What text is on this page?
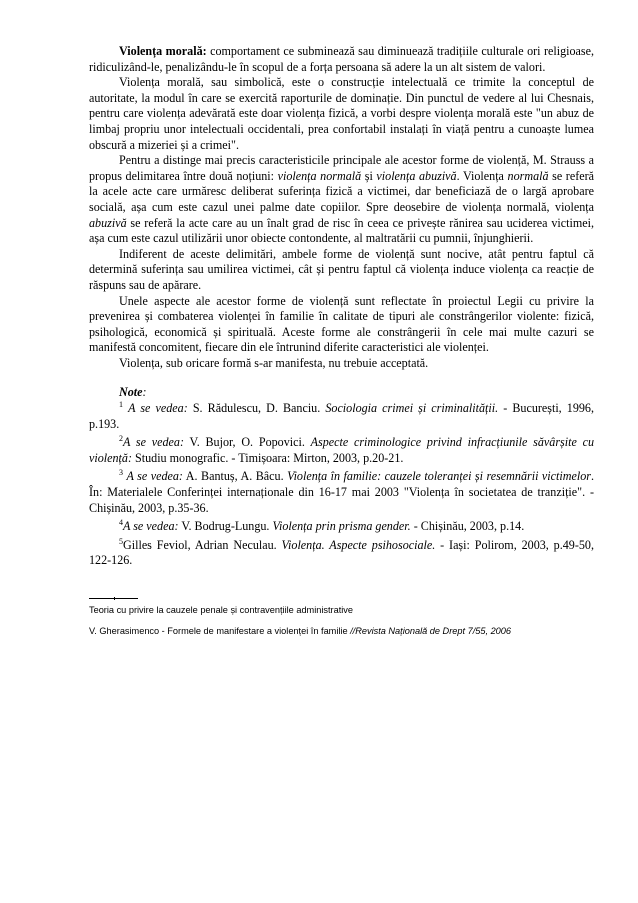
Violența morală: comportament ce subminează sau diminuează tradițiile culturale ori religioase, ridiculizând-le, penalizându-le în scopul de a forța persoana să adere la un alt sistem de valori.

Violența morală, sau simbolică, este o construcție intelectuală ce trimite la conceptul de autoritate, la modul în care se exercită raporturile de dominație. Din punctul de vedere al lui Chesnais, pentru care violența adevărată este doar violența fizică, a vorbi despre violența morală este "un abuz de limbaj propriu unor intelectuali occidentali, prea confortabil instalați în viață pentru a cunoaște lumea obscură a mizeriei și a crimei".

Pentru a distinge mai precis caracteristicile principale ale acestor forme de violență, M. Strauss a propus delimitarea între două noțiuni: violența normală și violența abuzivă. Violența normală se referă la acele acte care urmăresc deliberat suferința fizică a victimei, dar beneficiază de o largă aprobare socială, așa cum este cazul unei palme date copiilor. Spre deosebire de violența normală, violența abuzivă se referă la acte care au un înalt grad de risc în ceea ce privește rănirea sau uciderea victimei, așa cum este cazul utilizării unor obiecte contondente, al maltratării cu pumnii, înjunghierii.

Indiferent de aceste delimitări, ambele forme de violență sunt nocive, atât pentru faptul că determină suferința sau umilirea victimei, cât și pentru faptul că violența induce violența ca reacție de răspuns sau de apărare.

Unele aspecte ale acestor forme de violență sunt reflectate în proiectul Legii cu privire la prevenirea și combaterea violenței în familie în calitate de tipuri ale constrângerilor violente: fizică, psihologică, economică și spirituală. Aceste forme ale constrângerii în cele mai multe cazuri se manifestă concomitent, fiecare din ele întrunind diferite caracteristici ale violenței.

Violența, sub oricare formă s-ar manifesta, nu trebuie acceptată.

Note:

$^1$ A se vedea: S. Rădulescu, D. Banciu. Sociologia crimei și criminalității. - București, 1996, p.193.

$^2$A se vedea: V. Bujor, O. Popovici. Aspecte criminologice privind infracțiunile săvârșite cu violență: Studiu monografic. - Timișoara: Mirton, 2003, p.20-21.

$^3$ A se vedea: A. Bantuș, A. Bâcu. Violența în familie: cauzele toleranței și resemnării victimelor. În: Materialele Conferinței internaționale din 16-17 mai 2003 "Violența în societatea de tranziție". - Chișinău, 2003, p.35-36.

$^4$A se vedea: V. Bodrug-Lungu. Violența prin prisma gender. - Chișinău, 2003, p.14.

$^5$Gilles Feviol, Adrian Neculau. Violența. Aspecte psihosociale. - Iași: Polirom, 2003, p.49-50, 122-126.

Teoria cu privire la cauzele penale și contravențiile administrative

V. Gherasimenco - Formele de manifestare a violenței în familie //Revista Națională de Drept 7/55, 2006
